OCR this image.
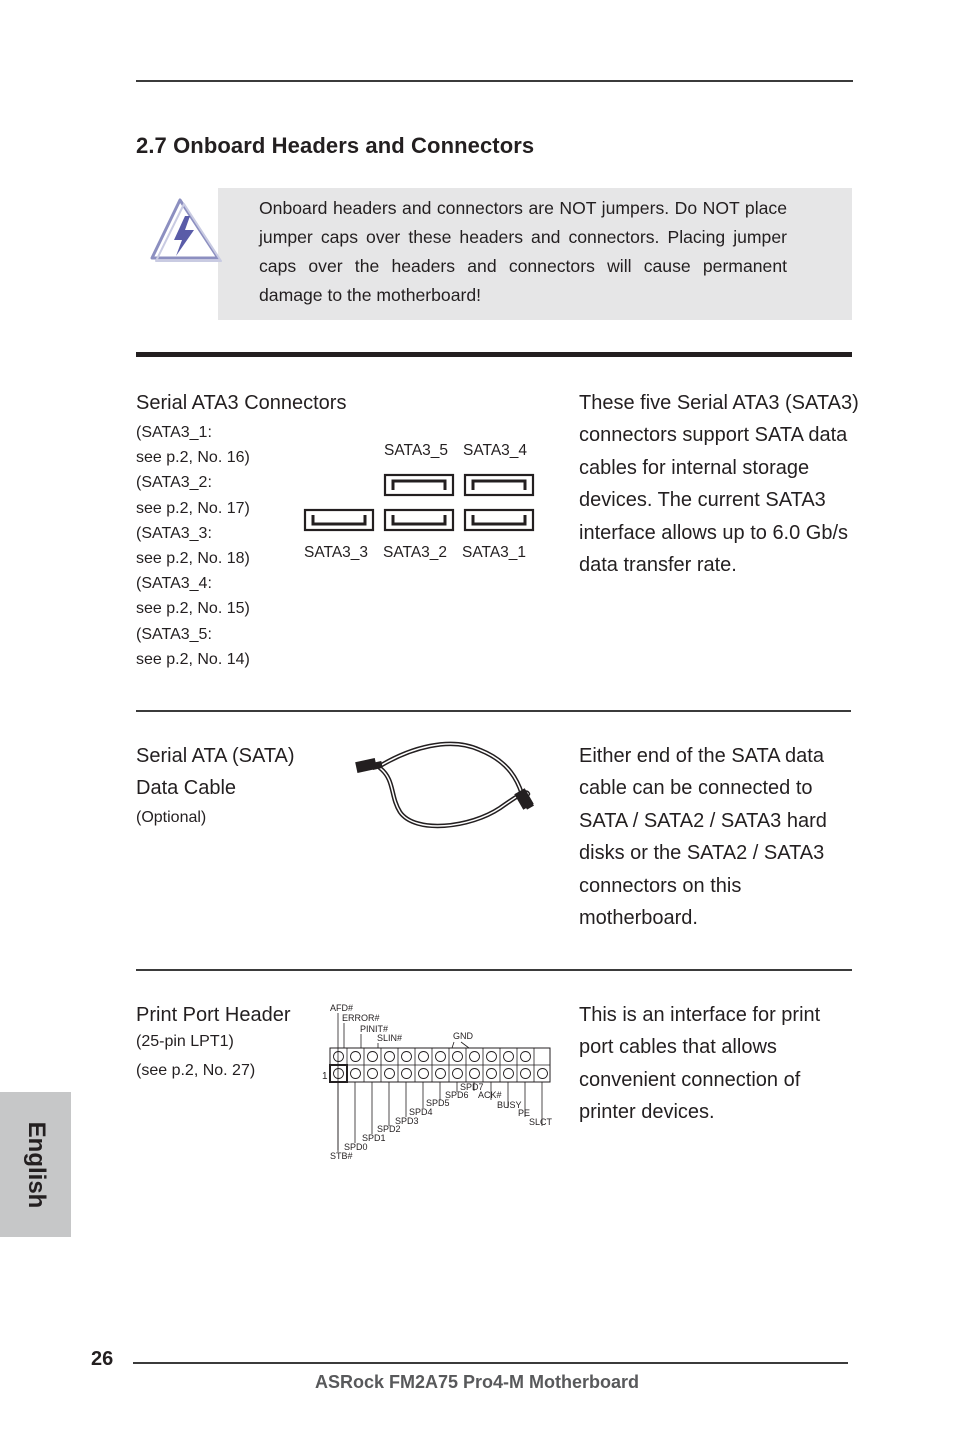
2.7 Onboard Headers and Connectors
Onboard headers and connectors are NOT jumpers. Do NOT place jumper caps over these headers and connectors. Placing jumper caps over the headers and connectors will cause permanent damage to the motherboard!
Serial ATA3 Connectors
(SATA3_1:
see p.2, No. 16)
(SATA3_2:
see p.2, No. 17)
(SATA3_3:
see p.2, No. 18)
(SATA3_4:
see p.2, No. 15)
(SATA3_5:
see p.2, No. 14)
SATA3_5 SATA3_4
SATA3_3 SATA3_2 SATA3_1
These five Serial ATA3 (SATA3) connectors support SATA data cables for internal storage devices. The current SATA3 interface allows up to 6.0 Gb/s data transfer rate.
Serial ATA (SATA)
Data Cable
(Optional)
Either end of the SATA data cable can be connected to SATA / SATA2 / SATA3 hard disks or the SATA2 / SATA3 connectors on this motherboard.
Print Port Header
(25-pin LPT1)
(see p.2, No. 27)	1
AFD#
ERROR#
PINIT#
SLIN#	GND
SPD7
SPD6 ACK#
SPD5	BUSY
SPD4	PE
SPD3	SLCT
SPD2
SPD1
SPD0
STB#
This is an interface for print port cables that allows convenient connection of printer devices.
English
26
ASRock FM2A75 Pro4-M Motherboard
